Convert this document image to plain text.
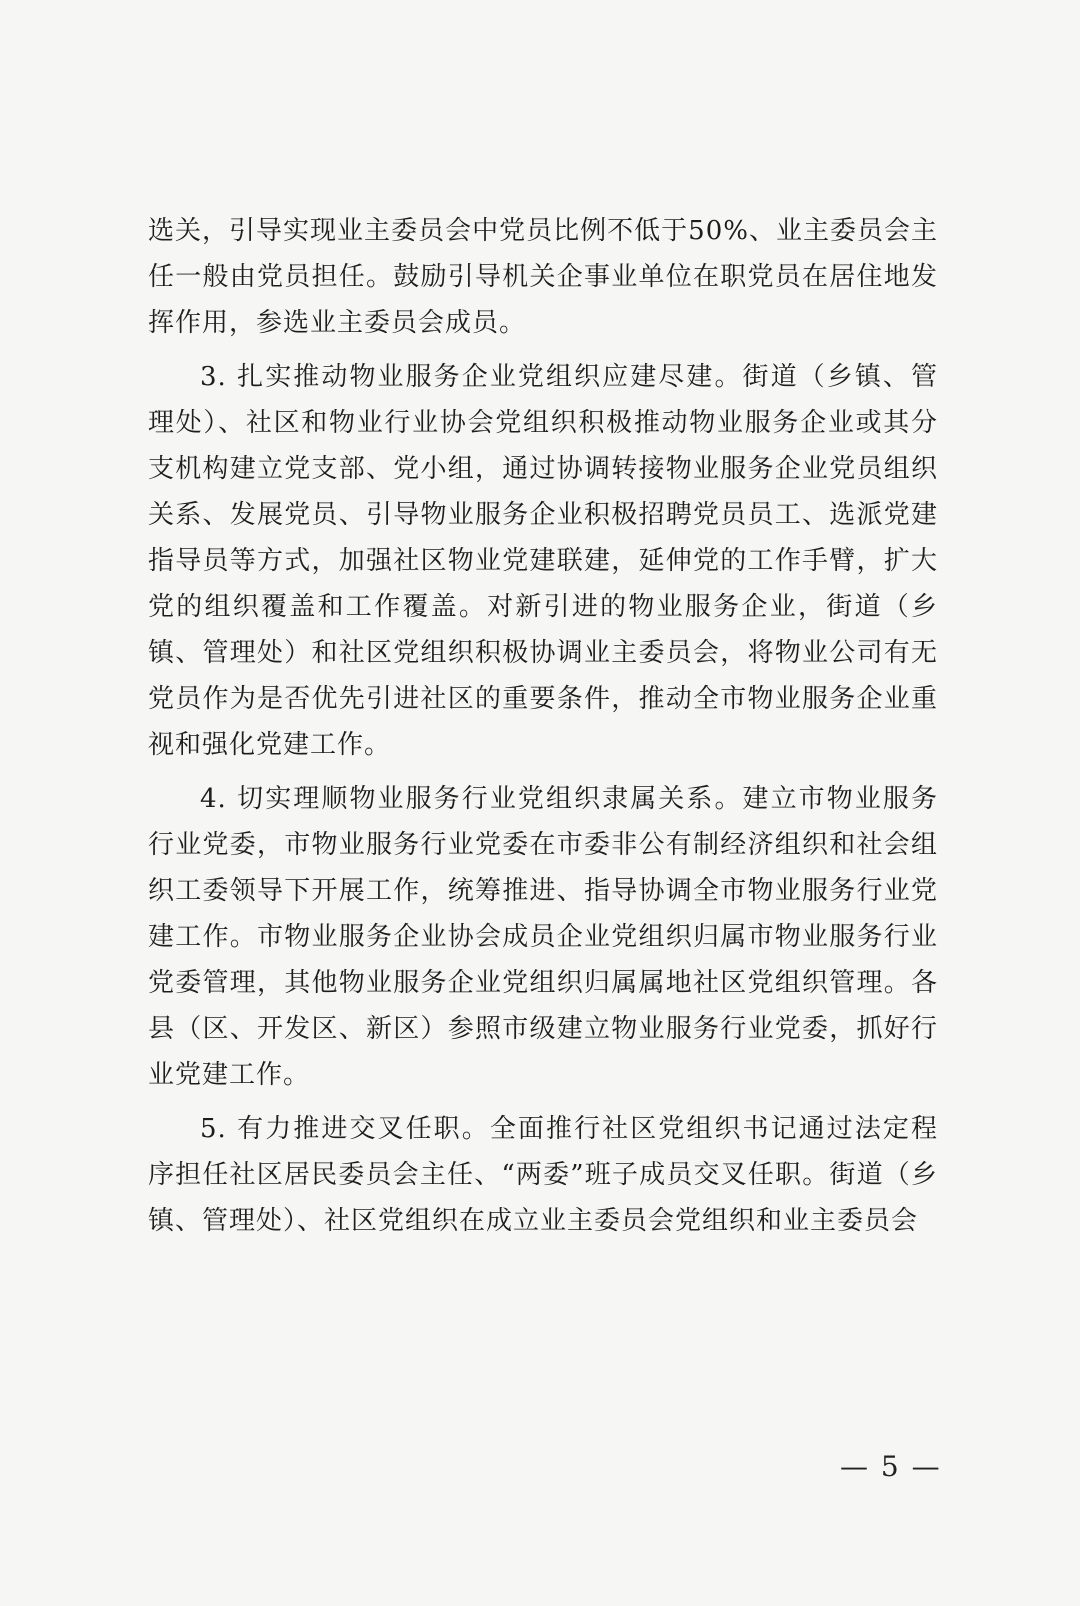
选关，引导实现业主委员会中党员比例不低于50%、业主委员会主任一般由党员担任。鼓励引导机关企事业单位在职党员在居住地发挥作用，参选业主委员会成员。

3. 扎实推动物业服务企业党组织应建尽建。街道（乡镇、管理处）、社区和物业行业协会党组织积极推动物业服务企业或其分支机构建立党支部、党小组，通过协调转接物业服务企业党员组织关系、发展党员、引导物业服务企业积极招聘党员员工、选派党建指导员等方式，加强社区物业党建联建，延伸党的工作手臂，扩大党的组织覆盖和工作覆盖。对新引进的物业服务企业，街道（乡镇、管理处）和社区党组织积极协调业主委员会，将物业公司有无党员作为是否优先引进社区的重要条件，推动全市物业服务企业重视和强化党建工作。

4. 切实理顺物业服务行业党组织隶属关系。建立市物业服务行业党委，市物业服务行业党委在市委非公有制经济组织和社会组织工委领导下开展工作，统筹推进、指导协调全市物业服务行业党建工作。市物业服务企业协会成员企业党组织归属市物业服务行业党委管理，其他物业服务企业党组织归属属地社区党组织管理。各县（区、开发区、新区）参照市级建立物业服务行业党委，抓好行业党建工作。

5. 有力推进交叉任职。全面推行社区党组织书记通过法定程序担任社区居民委员会主任、“两委”班子成员交叉任职。街道（乡镇、管理处）、社区党组织在成立业主委员会党组织和业主委员会

— 5 —
